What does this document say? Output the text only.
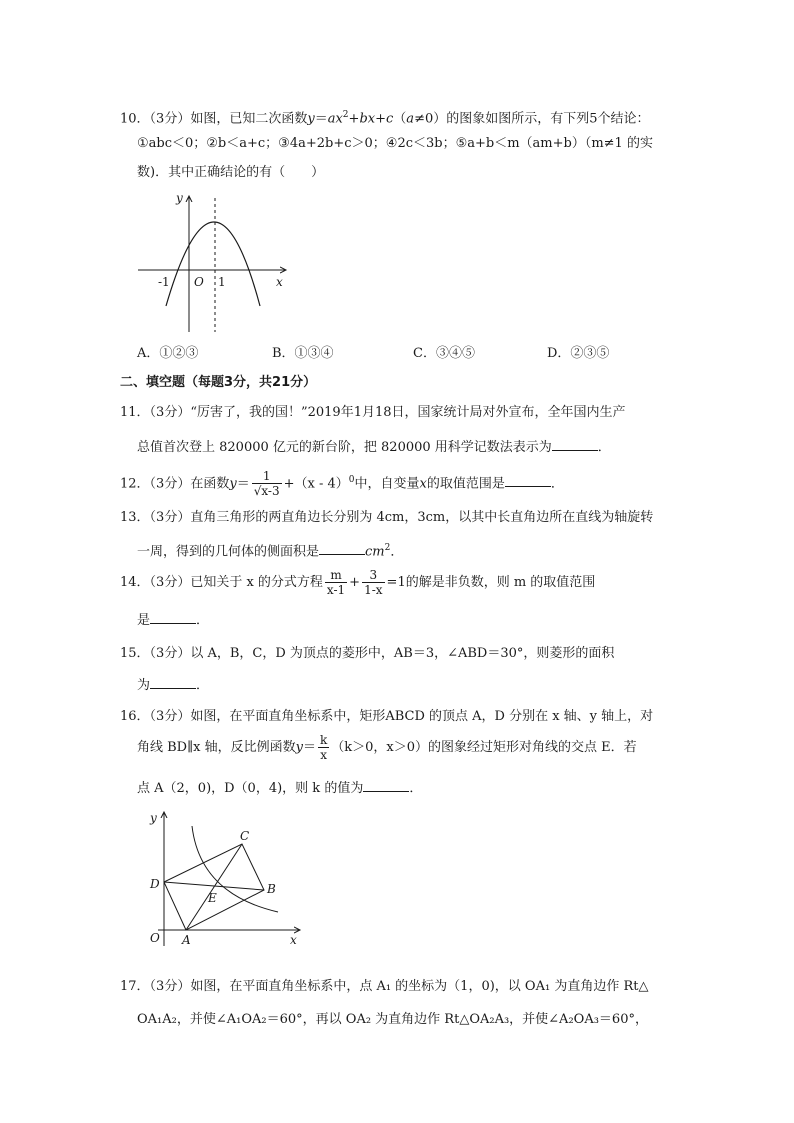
10．（3分）如图，已知二次函数$y=ax^2+bx+c(a\ne 0)$的图象如图所示，有下列5个结论：
①abc＜0；②b＜a+c；③4a+2b+c＞0；④2c＜3b；⑤a+b＜m（am+b）（m≠1 的实
数)．其中正确结论的有（　　）
y
x
O
-1	1
A．①②③	B．①③④	C．③④⑤	D．②③⑤
二、填空题（每题3分，共21分）
11．（3分）“厉害了，我的国！”2019年1月18日，国家统计局对外宣布，全年国内生产
总值首次登上 820000 亿元的新台阶，把 820000 用科学记数法表示为	．
12．（3分）在函数$y= \frac{1}{√x-3} +(x - 4)^0$中，自变量x的取值范围是	．
13．（3分）直角三角形的两直角边长分别为 4cm，3cm，以其中长直角边所在直线为轴旋转
一周，得到的几何体的侧面积是	$cm^2$．
14．（3分）已知关于 x 的分式方程 $\frac{m}{x-1} + \frac{3}{1-x} =1$的解是非负数，则 m 的取值范围
是	．
15．（3分）以 A，B，C，D 为顶点的菱形中，AB＝3，∠ABD＝30°，则菱形的面积
为	．
16．（3分）如图，在平面直角坐标系中，矩形ABCD 的顶点 A，D 分别在 x 轴、y 轴上，对
角线 BD∥x 轴，反比例函数$y= \frac{k}{x} (k>0$，x＞0）的图象经过矩形对角线的交点 E．若
点 A（2，0)，D（0，4)，则 k 的值为	．
y
x
O A
B
C
D
E
17．（3分）如图，在平面直角坐标系中，点 A₁ 的坐标为（1，0)，以 OA₁ 为直角边作 Rt△
OA₁A₂，并使∠A₁OA₂＝60°，再以 OA₂ 为直角边作 Rt△OA₂A₃，并使∠A₂OA₃＝60°，
